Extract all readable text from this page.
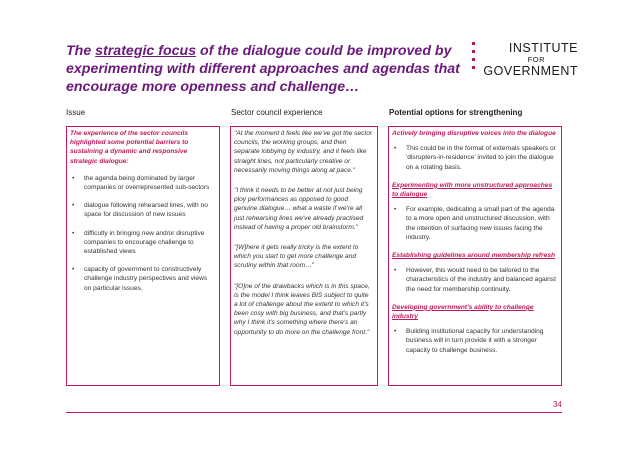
The strategic focus of the dialogue could be improved by experimenting with different approaches and agendas that encourage more openness and challenge…
INSTITUTE
FOR
GOVERNMENT
Issue	Sector council experience	Potential options for strengthening
The experience of the sector councils highlighted some potential barriers to sustaining a dynamic and responsive strategic dialogue:
• the agenda being dominated by larger companies or overrepresented sub-sectors
• dialogue following rehearsed lines, with no space for discussion of new issues
• difficulty in bringing new and/or disruptive companies to encourage challenge to established views
• capacity of government to constructively challenge industry perspectives and views on particular issues.
"At the moment it feels like we've got the sector councils, the working groups, and then separate lobbying by industry, and it feels like straight lines, not particularly creative or necessarily moving things along at pace."
"I think it needs to be better at not just being ploy performances as opposed to good genuine dialogue… what a waste if we're all just rehearsing lines we've already practised instead of having a proper old brainstorm."
"[W]here it gets really tricky is the extent to which you start to get more challenge and scrutiny within that room…"
"[O]ne of the drawbacks which is in this space, is the model I think leaves BIS subject to quite a lot of challenge about the extent to which it's been cosy with big business, and that's partly why I think it's something where there's an opportunity to do more on the challenge front."
Actively bringing disruptive voices into the dialogue
• This could be in the format of externals speakers or 'disrupters-in-residence' invited to join the dialogue on a rotating basis.
Experimenting with more unstructured approaches to dialogue
• For example, dedicating a small part of the agenda to a more open and unstructured discussion, with the intention of surfacing new issues facing the industry.
Establishing guidelines around membership refresh
• However, this would need to be tailored to the characteristics of the industry and balanced against the need for membership continuity.
Developing government's ability to challenge industry
• Building institutional capacity for understanding business will in turn provide it with a stronger capacity to challenge business.
34
